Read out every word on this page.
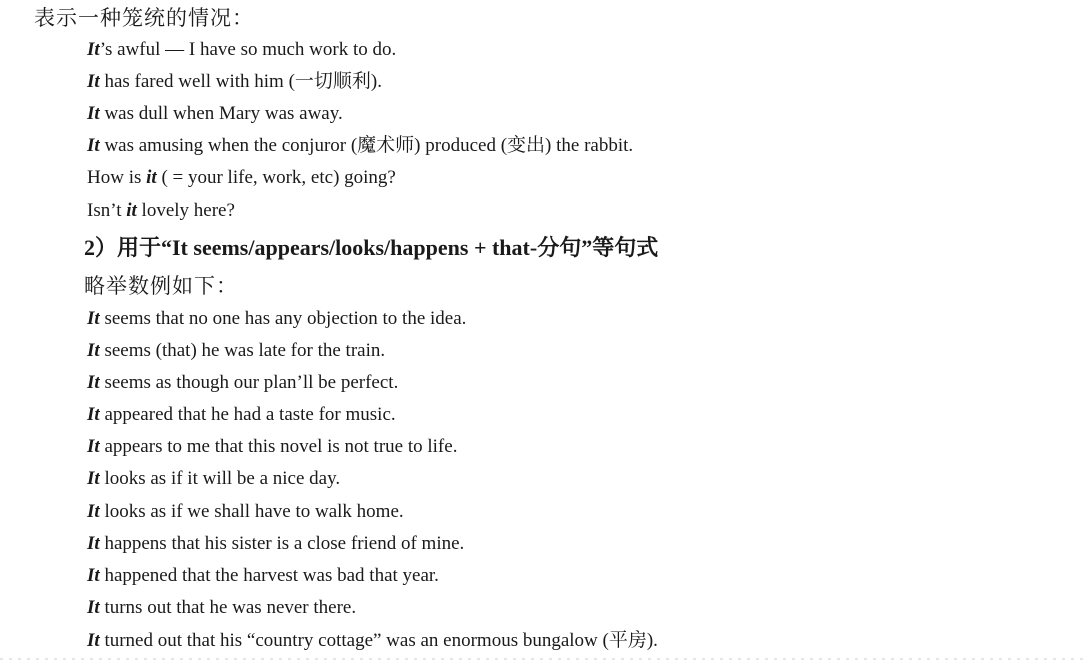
表示一种笼统的情况：
It’s awful — I have so much work to do.
It has fared well with him (一切顺利).
It was dull when Mary was away.
It was amusing when the conjuror (魔术师) produced (变出) the rabbit.
How is it ( = your life, work, etc) going?
Isn’t it lovely here?
2）用于“It seems/appears/looks/happens + that-分句”等句式
略举数例如下：
It seems that no one has any objection to the idea.
It seems (that) he was late for the train.
It seems as though our plan’ll be perfect.
It appeared that he had a taste for music.
It appears to me that this novel is not true to life.
It looks as if it will be a nice day.
It looks as if we shall have to walk home.
It happens that his sister is a close friend of mine.
It happened that the harvest was bad that year.
It turns out that he was never there.
It turned out that his “country cottage” was an enormous bungalow (平房).
